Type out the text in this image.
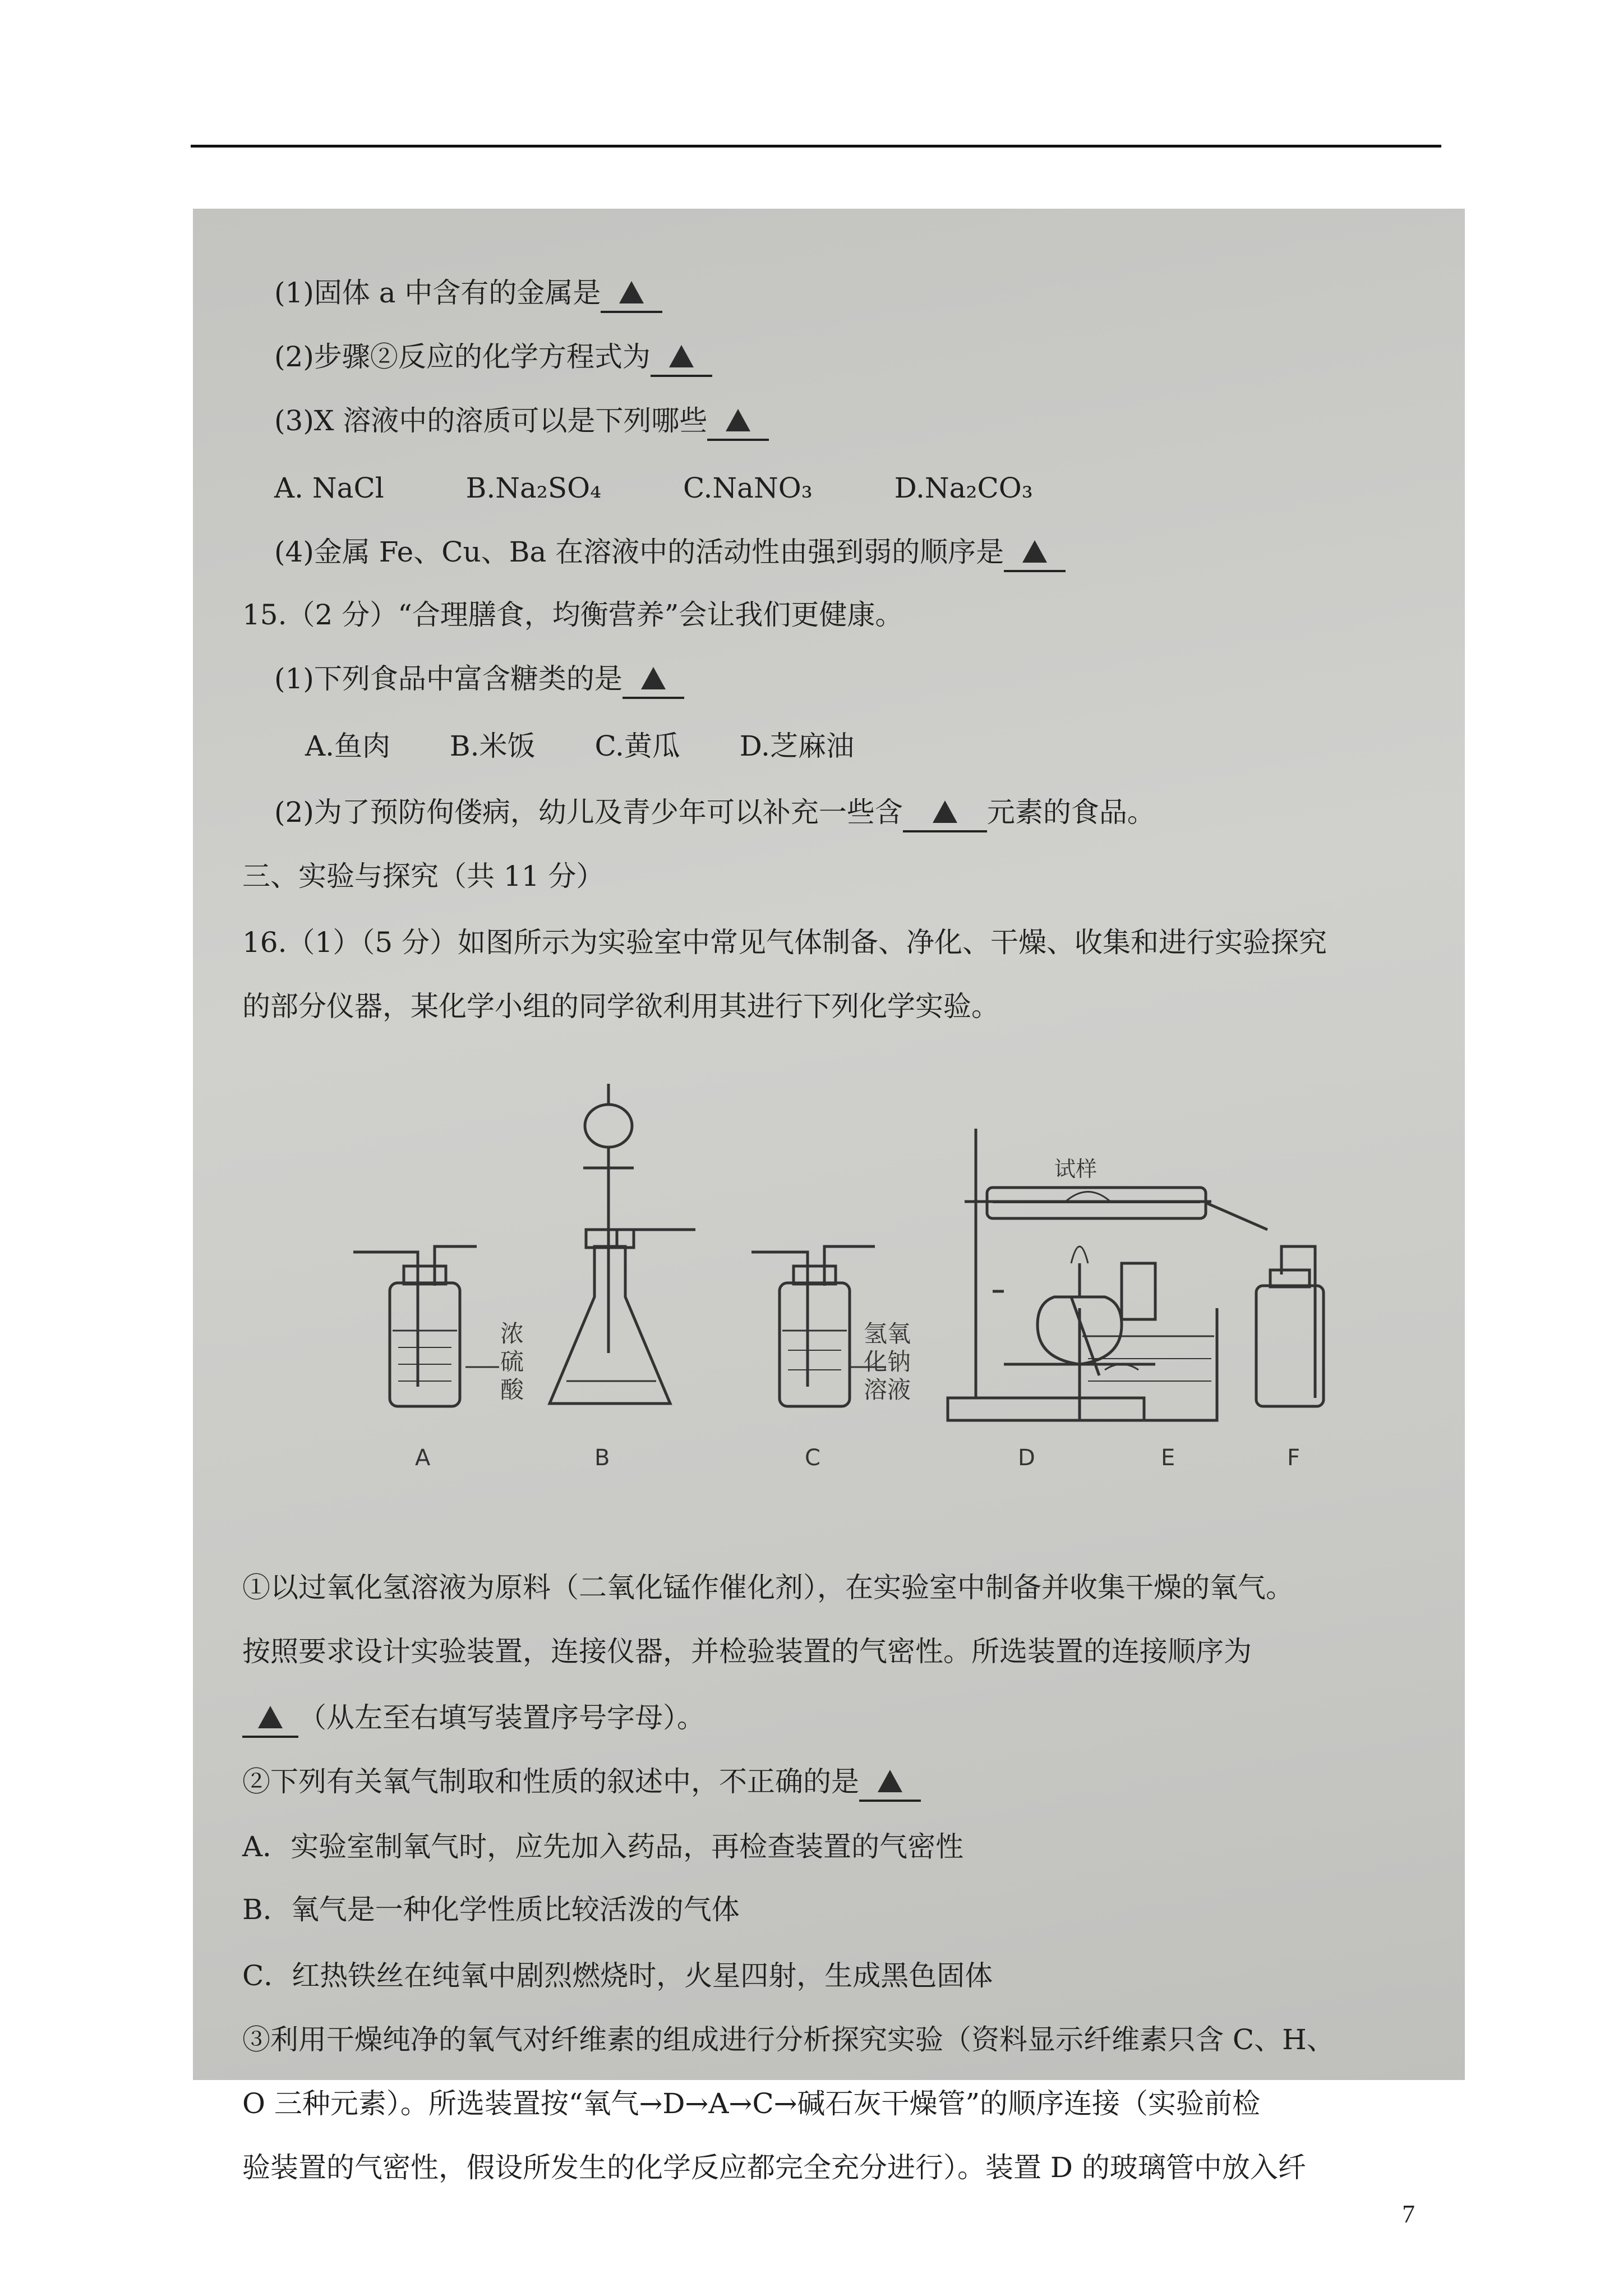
(1)固体 a 中含有的金属是
(2)步骤②反应的化学方程式为
(3)X 溶液中的溶质可以是下列哪些
A. NaCl	B.Na₂SO₄	C.NaNO₃	D.Na₂CO₃
(4)金属 Fe、Cu、Ba 在溶液中的活动性由强到弱的顺序是
15.（2 分）“合理膳食，均衡营养”会让我们更健康。
(1)下列食品中富含糖类的是
A.鱼肉 B.米饭 C.黄瓜 D.芝麻油
(2)为了预防佝偻病，幼儿及青少年可以补充一些含	元素的食品。
三、实验与探究（共 11 分）
16.（1）（5 分）如图所示为实验室中常见气体制备、净化、干燥、收集和进行实验探究
的部分仪器，某化学小组的同学欲利用其进行下列化学实验。
A	B	C	D	E	F
浓
硫
酸
氢氧
化钠
溶液
试样
①以过氧化氢溶液为原料（二氧化锰作催化剂），在实验室中制备并收集干燥的氧气。
按照要求设计实验装置，连接仪器，并检验装置的气密性。所选装置的连接顺序为
（从左至右填写装置序号字母）。
②下列有关氧气制取和性质的叙述中，不正确的是
A．实验室制氧气时，应先加入药品，再检查装置的气密性
B．氧气是一种化学性质比较活泼的气体
C．红热铁丝在纯氧中剧烈燃烧时，火星四射，生成黑色固体
③利用干燥纯净的氧气对纤维素的组成进行分析探究实验（资料显示纤维素只含 C、H、
O 三种元素）。所选装置按“氧气→D→A→C→碱石灰干燥管”的顺序连接（实验前检
验装置的气密性，假设所发生的化学反应都完全充分进行）。装置 D 的玻璃管中放入纤
7
